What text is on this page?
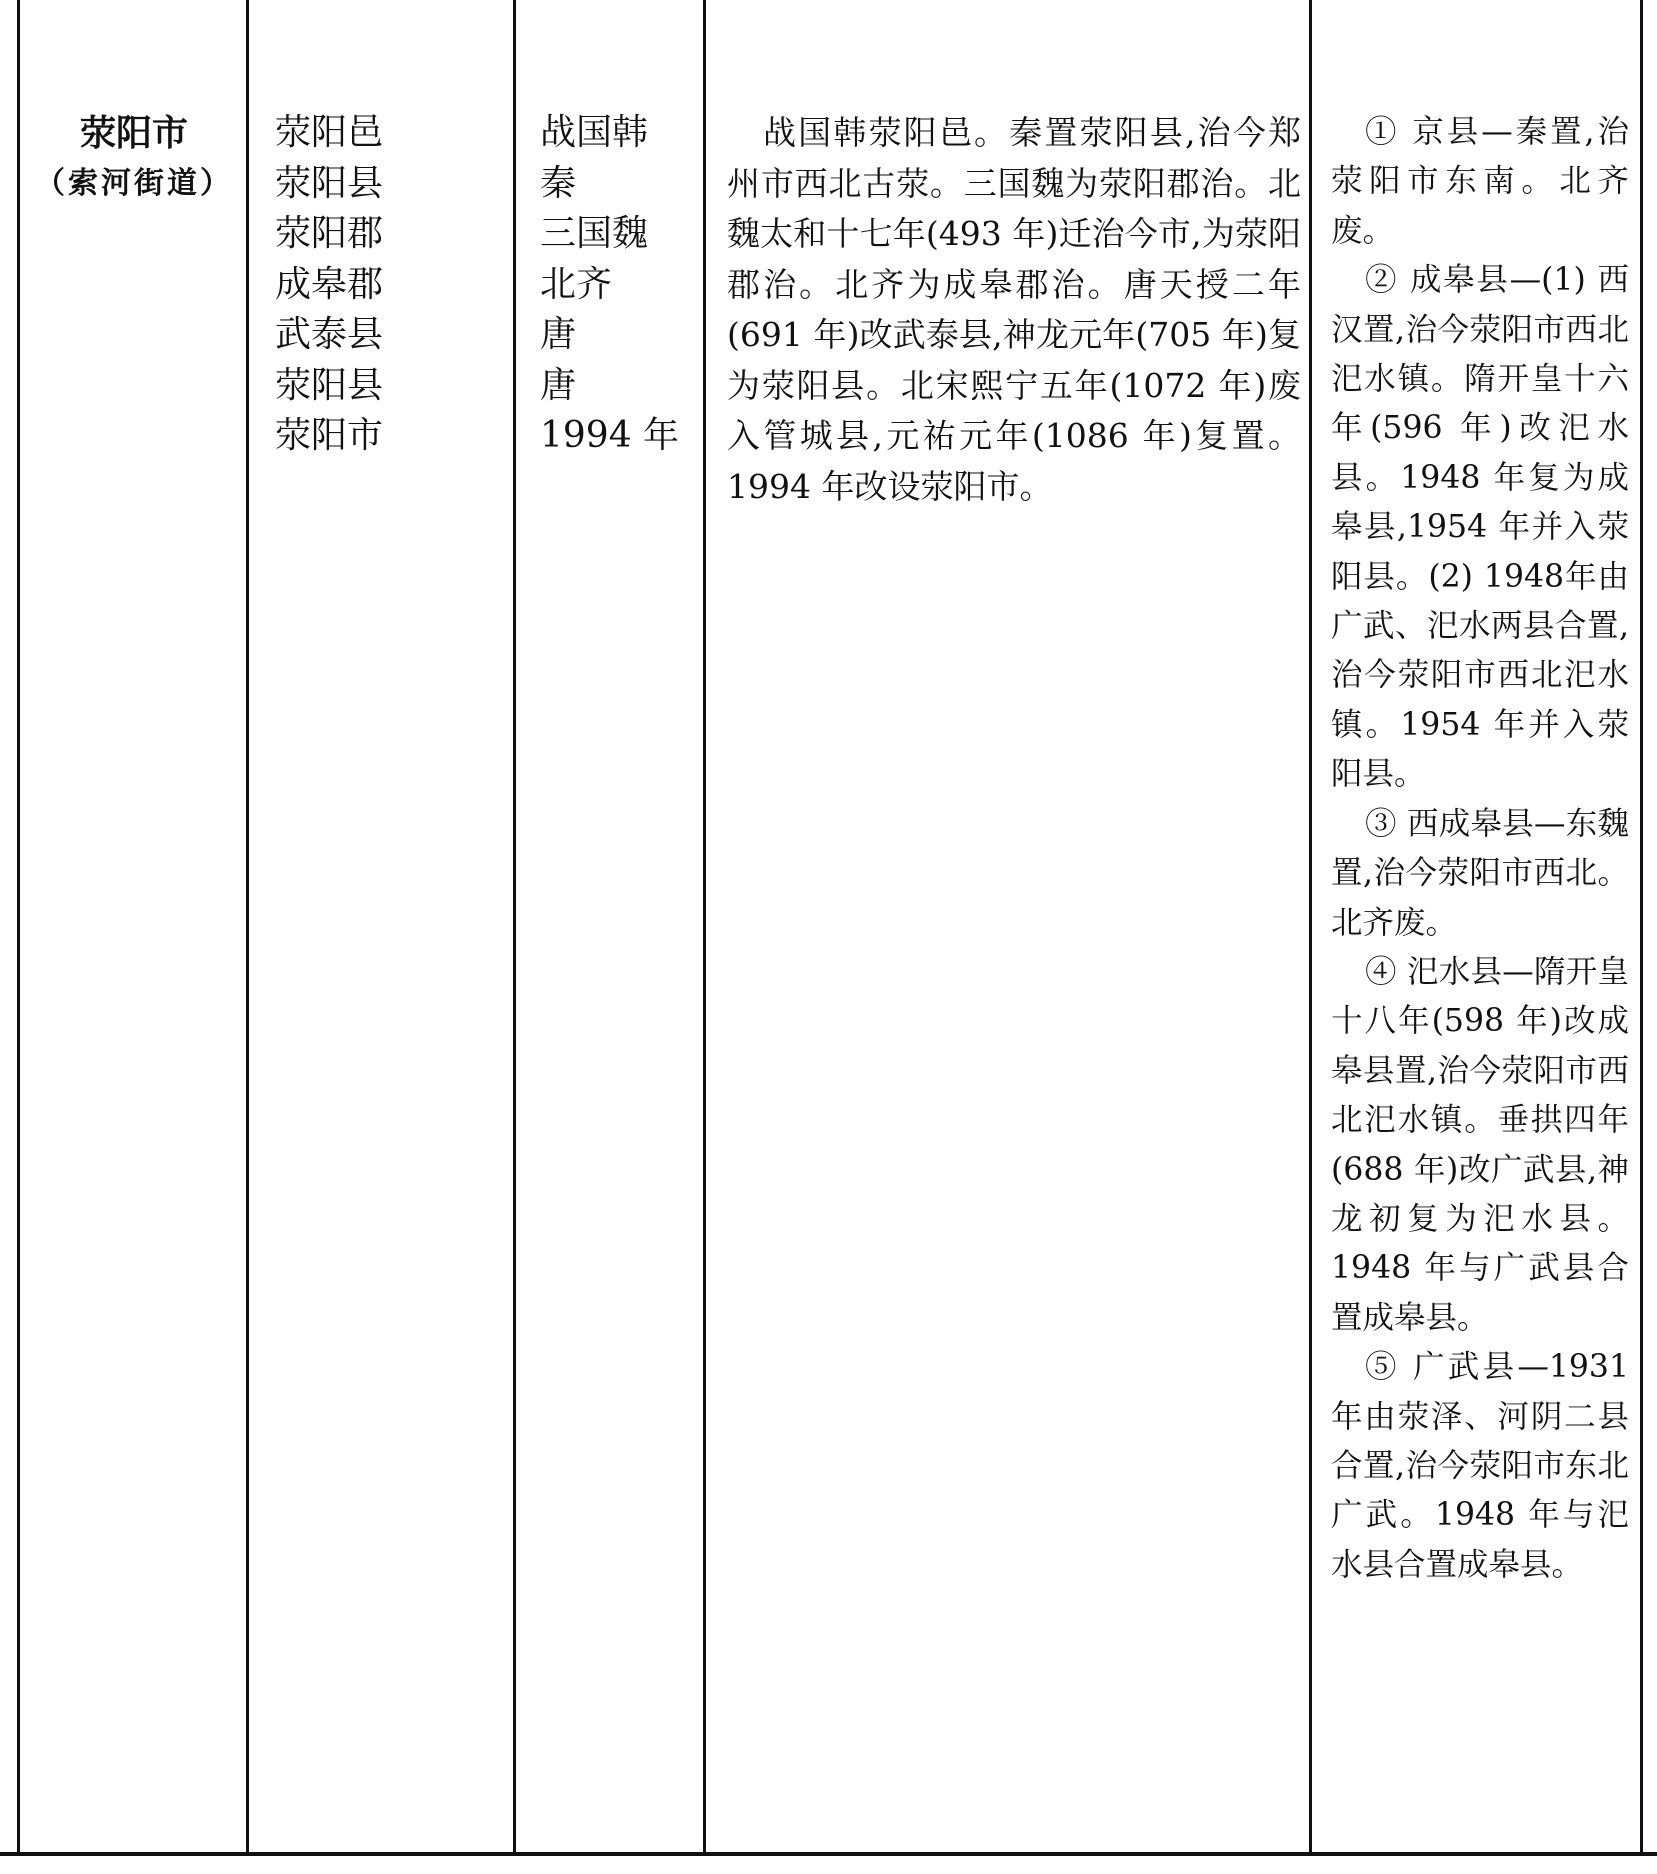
荥阳市
（索河街道）
荥阳邑
荥阳县
荥阳郡
成皋郡
武泰县
荥阳县
荥阳市
战国韩
秦
三国魏
北齐
唐
唐
1994 年
战国韩荥阳邑。秦置荥阳县,治今郑州市西北古荥。三国魏为荥阳郡治。北魏太和十七年(493 年)迁治今市,为荥阳郡治。北齐为成皋郡治。唐天授二年(691 年)改武泰县,神龙元年(705 年)复为荥阳县。北宋熙宁五年(1072 年)废入管城县,元祐元年(1086 年)复置。1994 年改设荥阳市。
① 京县—秦置,治荥阳市东南。北齐废。
② 成皋县—(1) 西汉置,治今荥阳市西北汜水镇。隋开皇十六年(596 年)改汜水县。1948 年复为成皋县,1954 年并入荥阳县。(2) 1948年由广武、汜水两县合置,治今荥阳市西北汜水镇。1954 年并入荥阳县。
③ 西成皋县—东魏置,治今荥阳市西北。北齐废。
④ 汜水县—隋开皇十八年(598 年)改成皋县置,治今荥阳市西北汜水镇。垂拱四年(688 年)改广武县,神龙初复为汜水县。1948 年与广武县合置成皋县。
⑤ 广武县—1931 年由荥泽、河阴二县合置,治今荥阳市东北广武。1948 年与汜水县合置成皋县。
